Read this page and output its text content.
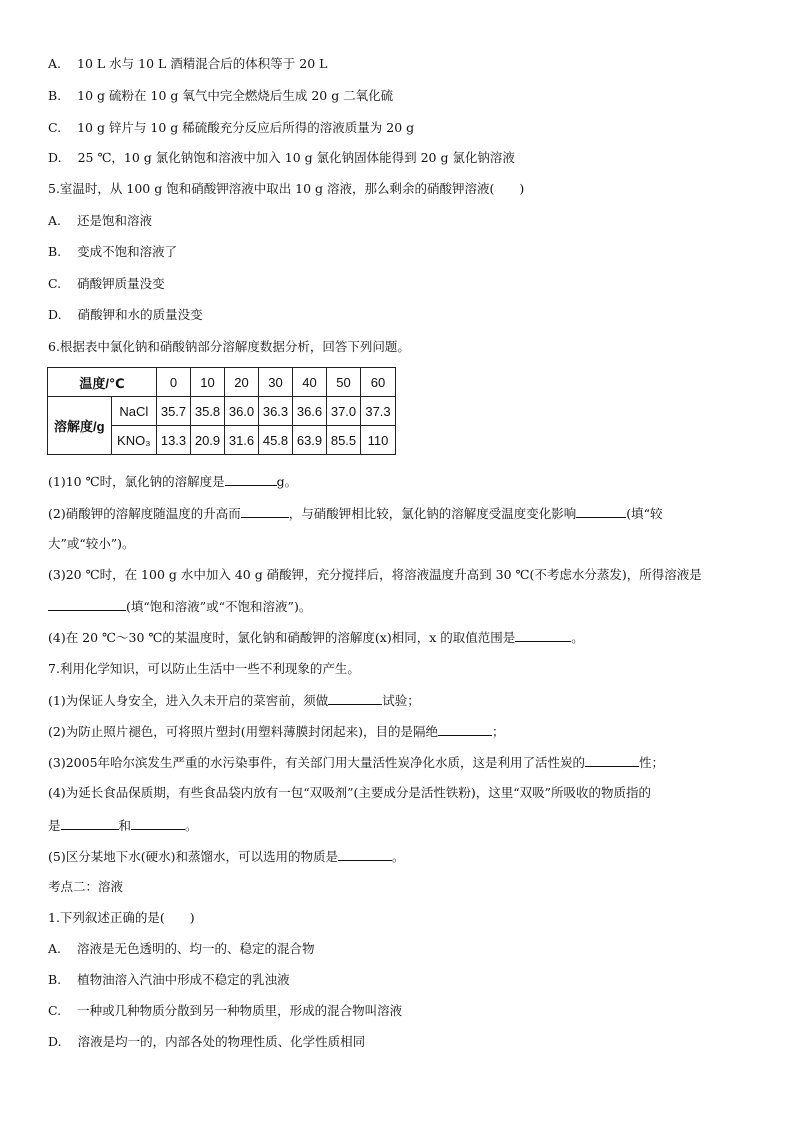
A. 10 L 水与 10 L 酒精混合后的体积等于 20 L
B. 10 g 硫粉在 10 g 氧气中完全燃烧后生成 20 g 二氧化硫
C. 10 g 锌片与 10 g 稀硫酸充分反应后所得的溶液质量为 20 g
D. 25 ℃，10 g 氯化钠饱和溶液中加入 10 g 氯化钠固体能得到 20 g 氯化钠溶液
5.室温时，从 100 g 饱和硝酸钾溶液中取出 10 g 溶液，那么剩余的硝酸钾溶液(　　)
A. 还是饱和溶液
B. 变成不饱和溶液了
C. 硝酸钾质量没变
D. 硝酸钾和水的质量没变
6.根据表中氯化钠和硝酸钠部分溶解度数据分析，回答下列问题。
温度/℃		0	10	20	30	40	50	60
溶解度/g	NaCl	35.7	35.8	36.0	36.3	36.6	37.0	37.3
	KNO₃	13.3	20.9	31.6	45.8	63.9	85.5	110
(1)10 ℃时，氯化钠的溶解度是	g。
(2)硝酸钾的溶解度随温度的升高而	，与硝酸钾相比较，氯化钠的溶解度受温度变化影响	(填“较
大”或“较小”)。
(3)20 ℃时，在 100 g 水中加入 40 g 硝酸钾，充分搅拌后，将溶液温度升高到 30 ℃(不考虑水分蒸发)，所得溶液是
(填“饱和溶液”或“不饱和溶液”)。
(4)在 20 ℃～30 ℃的某温度时，氯化钠和硝酸钾的溶解度(x)相同，x 的取值范围是	。
7.利用化学知识，可以防止生活中一些不利现象的产生。
(1)为保证人身安全，进入久未开启的菜窖前，须做	试验；
(2)为防止照片褪色，可将照片塑封(用塑料薄膜封闭起来)，目的是隔绝	；
(3)2005年哈尔滨发生严重的水污染事件，有关部门用大量活性炭净化水质，这是利用了活性炭的	性；
(4)为延长食品保质期，有些食品袋内放有一包“双吸剂”(主要成分是活性铁粉)，这里“双吸”所吸收的物质指的
是	和	。
(5)区分某地下水(硬水)和蒸馏水，可以选用的物质是	。
考点二：溶液
1.下列叙述正确的是(　　)
A. 溶液是无色透明的、均一的、稳定的混合物
B. 植物油溶入汽油中形成不稳定的乳浊液
C. 一种或几种物质分散到另一种物质里，形成的混合物叫溶液
D. 溶液是均一的，内部各处的物理性质、化学性质相同
